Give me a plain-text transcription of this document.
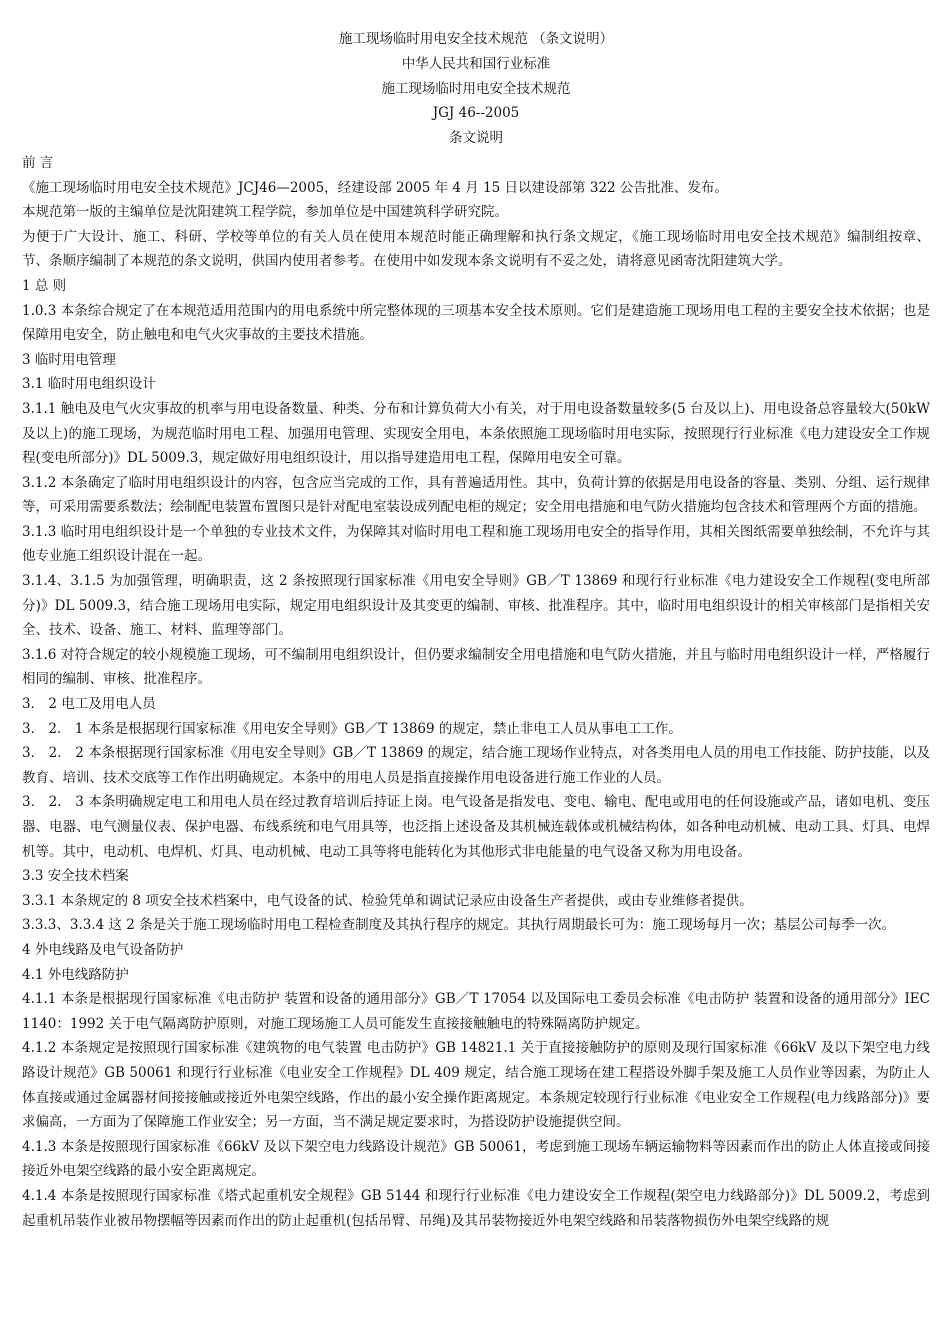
施工现场临时用电安全技术规范 （条文说明）
中华人民共和国行业标准
施工现场临时用电安全技术规范
JGJ 46--2005
条文说明

前 言

《施工现场临时用电安全技术规范》JCJ46—2005，经建设部 2005 年 4 月 15 日以建设部第 322 公告批准、发布。

本规范第一版的主编单位是沈阳建筑工程学院，参加单位是中国建筑科学研究院。

为便于广大设计、施工、科研、学校等单位的有关人员在使用本规范时能正确理解和执行条文规定，《施工现场临时用电安全技术规范》编制组按章、节、条顺序编制了本规范的条文说明，供国内使用者参考。在使用中如发现本条文说明有不妥之处，请将意见函寄沈阳建筑大学。

1 总 则

1.0.3 本条综合规定了在本规范适用范围内的用电系统中所完整体现的三项基本安全技术原则。它们是建造施工现场用电工程的主要安全技术依据；也是保障用电安全，防止触电和电气火灾事故的主要技术措施。

3 临时用电管理

3.1 临时用电组织设计

3.1.1 触电及电气火灾事故的机率与用电设备数量、种类、分布和计算负荷大小有关，对于用电设备数量较多(5 台及以上)、用电设备总容量较大(50kW 及以上)的施工现场，为规范临时用电工程、加强用电管理、实现安全用电，本条依照施工现场临时用电实际，按照现行行业标准《电力建设安全工作规程(变电所部分)》DL 5009.3，规定做好用电组织设计，用以指导建造用电工程，保障用电安全可靠。

3.1.2 本条确定了临时用电组织设计的内容，包含应当完成的工作，具有普遍适用性。其中，负荷计算的依据是用电设备的容量、类别、分组、运行规律等，可采用需要系数法；绘制配电装置布置图只是针对配电室装设成列配电柜的规定；安全用电措施和电气防火措施均包含技术和管理两个方面的措施。

3.1.3 临时用电组织设计是一个单独的专业技术文件，为保障其对临时用电工程和施工现场用电安全的指导作用，其相关图纸需要单独绘制，不允许与其他专业施工组织设计混在一起。

3.1.4、3.1.5 为加强管理，明确职责，这 2 条按照现行国家标准《用电安全导则》GB／T 13869 和现行行业标准《电力建设安全工作规程(变电所部分)》DL 5009.3，结合施工现场用电实际，规定用电组织设计及其变更的编制、审核、批准程序。其中，临时用电组织设计的相关审核部门是指相关安全、技术、设备、施工、材料、监理等部门。

3.1.6 对符合规定的较小规模施工现场，可不编制用电组织设计，但仍要求编制安全用电措施和电气防火措施，并且与临时用电组织设计一样，严格履行相同的编制、审核、批准程序。

3． 2 电工及用电人员

3． 2． 1 本条是根据现行国家标准《用电安全导则》GB／T 13869 的规定，禁止非电工人员从事电工工作。

3． 2． 2 本条根据现行国家标准《用电安全导则》GB／T 13869 的规定，结合施工现场作业特点，对各类用电人员的用电工作技能、防护技能，以及教育、培训、技术交底等工作作出明确规定。本条中的用电人员是指直接操作用电设备进行施工作业的人员。

3． 2． 3 本条明确规定电工和用电人员在经过教育培训后持证上岗。电气设备是指发电、变电、输电、配电或用电的任何设施或产品，诸如电机、变压器、电器、电气测量仪表、保护电器、布线系统和电气用具等，也泛指上述设备及其机械连载体或机械结构体，如各种电动机械、电动工具、灯具、电焊机等。其中，电动机、电焊机、灯具、电动机械、电动工具等将电能转化为其他形式非电能量的电气设备又称为用电设备。

3.3 安全技术档案

3.3.1 本条规定的 8 项安全技术档案中，电气设备的试、检验凭单和调试记录应由设备生产者提供，或由专业维修者提供。

3.3.3、3.3.4 这 2 条是关于施工现场临时用电工程检查制度及其执行程序的规定。其执行周期最长可为：施工现场每月一次；基层公司每季一次。

4 外电线路及电气设备防护

4.1 外电线路防护

4.1.1 本条是根据现行国家标准《电击防护 装置和设备的通用部分》GB／T 17054 以及国际电工委员会标准《电击防护 装置和设备的通用部分》IEC 1140：1992 关于电气隔离防护原则，对施工现场施工人员可能发生直接接触触电的特殊隔离防护规定。

4.1.2 本条规定是按照现行国家标准《建筑物的电气装置 电击防护》GB 14821.1 关于直接接触防护的原则及现行国家标准《66kV 及以下架空电力线路设计规范》GB 50061 和现行行业标准《电业安全工作规程》DL 409 规定，结合施工现场在建工程搭设外脚手架及施工人员作业等因素，为防止人体直接或通过金属器材间接接触或接近外电架空线路，作出的最小安全操作距离规定。本条规定较现行行业标准《电业安全工作规程(电力线路部分)》要求偏高，一方面为了保障施工作业安全；另一方面，当不满足规定要求时，为搭设防护设施提供空间。

4.1.3 本条是按照现行国家标准《66kV 及以下架空电力线路设计规范》GB 50061，考虑到施工现场车辆运输物料等因素而作出的防止人体直接或间接接近外电架空线路的最小安全距离规定。

4.1.4 本条是按照现行国家标准《塔式起重机安全规程》GB 5144 和现行行业标准《电力建设安全工作规程(架空电力线路部分)》DL 5009.2，考虑到起重机吊装作业被吊物摆幅等因素而作出的防止起重机(包括吊臂、吊绳)及其吊装物接近外电架空线路和吊装落物损伤外电架空线路的规
